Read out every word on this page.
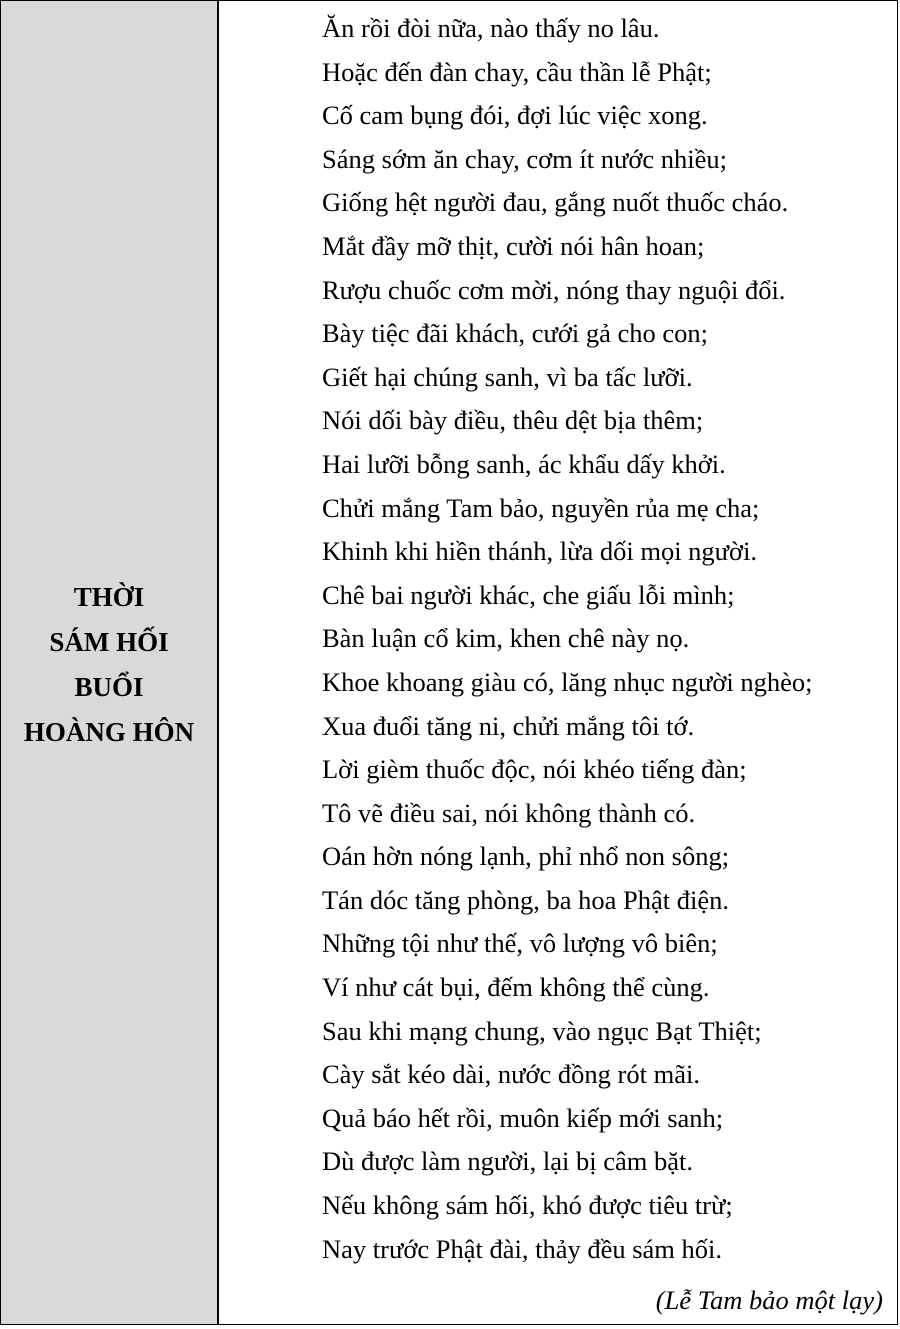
THỜI
SÁM HỐI
BUỔI
HOÀNG HÔN
Ăn rồi đòi nữa, nào thấy no lâu.
Hoặc đến đàn chay, cầu thần lễ Phật;
Cố cam bụng đói, đợi lúc việc xong.
Sáng sớm ăn chay, cơm ít nước nhiều;
Giống hệt người đau, gắng nuốt thuốc cháo.
Mắt đầy mỡ thịt, cười nói hân hoan;
Rượu chuốc cơm mời, nóng thay nguội đổi.
Bày tiệc đãi khách, cưới gả cho con;
Giết hại chúng sanh, vì ba tấc lưỡi.
Nói dối bày điều, thêu dệt bịa thêm;
Hai lưỡi bỗng sanh, ác khẩu dấy khởi.
Chửi mắng Tam bảo, nguyền rủa mẹ cha;
Khinh khi hiền thánh, lừa dối mọi người.
Chê bai người khác, che giấu lỗi mình;
Bàn luận cổ kim, khen chê này nọ.
Khoe khoang giàu có, lăng nhục người nghèo;
Xua đuổi tăng ni, chửi mắng tôi tớ.
Lời gièm thuốc độc, nói khéo tiếng đàn;
Tô vẽ điều sai, nói không thành có.
Oán hờn nóng lạnh, phỉ nhổ non sông;
Tán dóc tăng phòng, ba hoa Phật điện.
Những tội như thế, vô lượng vô biên;
Ví như cát bụi, đếm không thể cùng.
Sau khi mạng chung, vào ngục Bạt Thiệt;
Cày sắt kéo dài, nước đồng rót mãi.
Quả báo hết rồi, muôn kiếp mới sanh;
Dù được làm người, lại bị câm bặt.
Nếu không sám hối, khó được tiêu trừ;
Nay trước Phật đài, thảy đều sám hối.
(Lễ Tam bảo một lạy)
